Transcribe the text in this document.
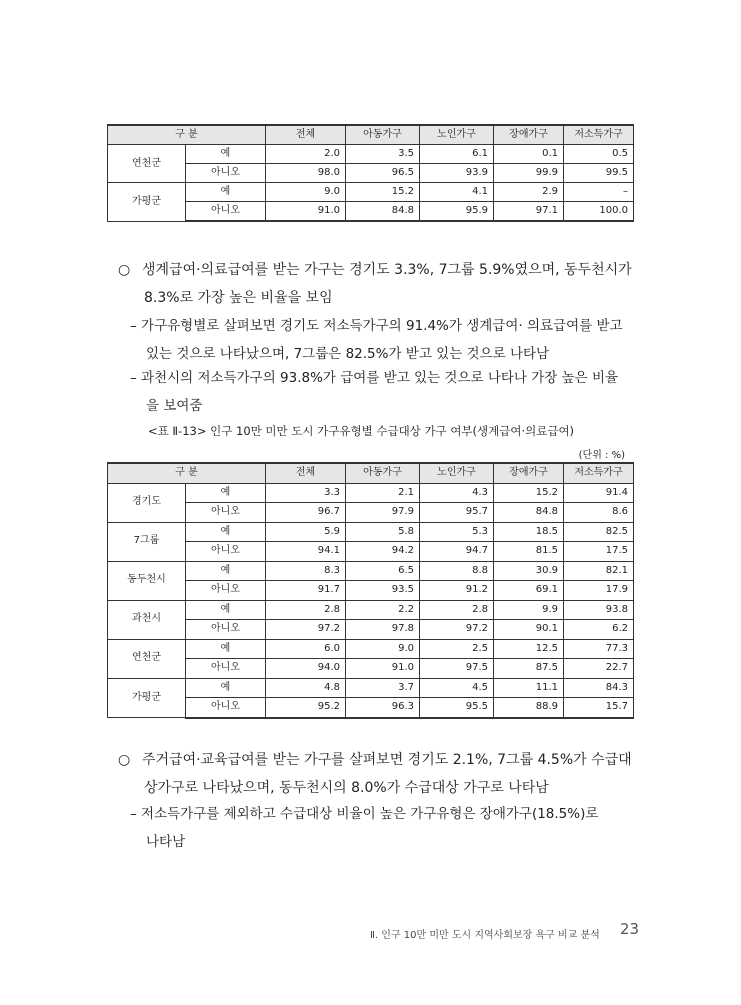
구 분		전체	아동가구	노인가구	장애가구	저소득가구
연천군	예	2.0	3.5	6.1	0.1	0.5
	아니오	98.0	96.5	93.9	99.9	99.5
가평군	예	9.0	15.2	4.1	2.9	–
	아니오	91.0	84.8	95.9	97.1	100.0
○ 생계급여·의료급여를 받는 가구는 경기도 3.3%, 7그룹 5.9%였으며, 동두천시가
8.3%로 가장 높은 비율을 보임
– 가구유형별로 살펴보면 경기도 저소득가구의 91.4%가 생계급여· 의료급여를 받고
있는 것으로 나타났으며, 7그룹은 82.5%가 받고 있는 것으로 나타남
– 과천시의 저소득가구의 93.8%가 급여를 받고 있는 것으로 나타나 가장 높은 비율
을 보여줌
<표 Ⅱ-13> 인구 10만 미만 도시 가구유형별 수급대상 가구 여부(생계급여·의료급여)
(단위 : %)
구 분		전체	아동가구	노인가구	장애가구	저소득가구
경기도	예	3.3	2.1	4.3	15.2	91.4
	아니오	96.7	97.9	95.7	84.8	8.6
7그룹	예	5.9	5.8	5.3	18.5	82.5
	아니오	94.1	94.2	94.7	81.5	17.5
동두천시	예	8.3	6.5	8.8	30.9	82.1
	아니오	91.7	93.5	91.2	69.1	17.9
과천시	예	2.8	2.2	2.8	9.9	93.8
	아니오	97.2	97.8	97.2	90.1	6.2
연천군	예	6.0	9.0	2.5	12.5	77.3
	아니오	94.0	91.0	97.5	87.5	22.7
가평군	예	4.8	3.7	4.5	11.1	84.3
	아니오	95.2	96.3	95.5	88.9	15.7
○ 주거급여·교육급여를 받는 가구를 살펴보면 경기도 2.1%, 7그룹 4.5%가 수급대
상가구로 나타났으며, 동두천시의 8.0%가 수급대상 가구로 나타남
– 저소득가구를 제외하고 수급대상 비율이 높은 가구유형은 장애가구(18.5%)로
나타남
Ⅱ. 인구 10만 미만 도시 지역사회보장 욕구 비교 분석 23
